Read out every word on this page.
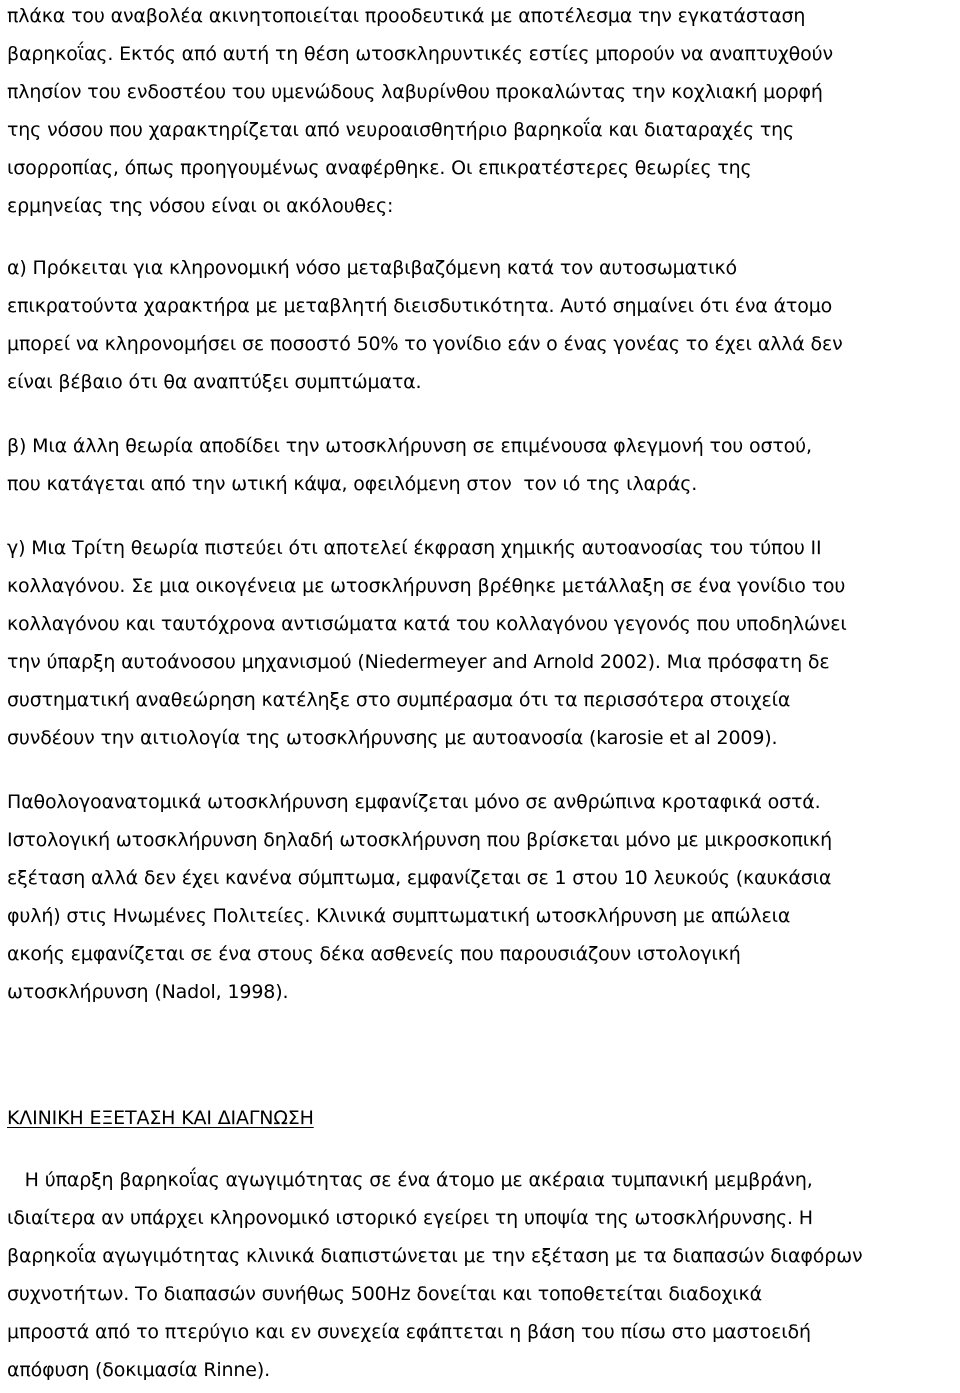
πλάκα του αναβολέα ακινητοποιείται προοδευτικά με αποτέλεσμα την εγκατάσταση
βαρηκοΐας. Εκτός από αυτή τη θέση ωτοσκληρυντικές εστίες μπορούν να αναπτυχθούν
πλησίον του ενδοστέου του υμενώδους λαβυρίνθου προκαλώντας την κοχλιακή μορφή
της νόσου που χαρακτηρίζεται από νευροαισθητήριο βαρηκοΐα και διαταραχές της
ισορροπίας, όπως προηγουμένως αναφέρθηκε. Οι επικρατέστερες θεωρίες της
ερμηνείας της νόσου είναι οι ακόλουθες:
α) Πρόκειται για κληρονομική νόσο μεταβιβαζόμενη κατά τον αυτοσωματικό
επικρατούντα χαρακτήρα με μεταβλητή διεισδυτικότητα. Αυτό σημαίνει ότι ένα άτομο
μπορεί να κληρονομήσει σε ποσοστό 50% το γονίδιο εάν ο ένας γονέας το έχει αλλά δεν
είναι βέβαιο ότι θα αναπτύξει συμπτώματα.
β) Μια άλλη θεωρία αποδίδει την ωτοσκλήρυνση σε επιμένουσα φλεγμονή του οστού,
που κατάγεται από την ωτική κάψα, οφειλόμενη στον  τον ιό της ιλαράς.
γ) Μια Τρίτη θεωρία πιστεύει ότι αποτελεί έκφραση χημικής αυτοανοσίας του τύπου ΙΙ
κολλαγόνου. Σε μια οικογένεια με ωτοσκλήρυνση βρέθηκε μετάλλαξη σε ένα γονίδιο του
κολλαγόνου και ταυτόχρονα αντισώματα κατά του κολλαγόνου γεγονός που υποδηλώνει
την ύπαρξη αυτοάνοσου μηχανισμού (Niedermeyer and Arnold 2002). Μια πρόσφατη δε
συστηματική αναθεώρηση κατέληξε στο συμπέρασμα ότι τα περισσότερα στοιχεία
συνδέουν την αιτιολογία της ωτοσκλήρυνσης με αυτοανοσία (karosie et al 2009).
Παθολογοανατομικά ωτοσκλήρυνση εμφανίζεται μόνο σε ανθρώπινα κροταφικά οστά.
Ιστολογική ωτοσκλήρυνση δηλαδή ωτοσκλήρυνση που βρίσκεται μόνο με μικροσκοπική
εξέταση αλλά δεν έχει κανένα σύμπτωμα, εμφανίζεται σε 1 στου 10 λευκούς (καυκάσια
φυλή) στις Ηνωμένες Πολιτείες. Κλινικά συμπτωματική ωτοσκλήρυνση με απώλεια
ακοής εμφανίζεται σε ένα στους δέκα ασθενείς που παρουσιάζουν ιστολογική
ωτοσκλήρυνση (Nadol, 1998).
ΚΛΙΝΙΚΗ ΕΞΕΤΑΣΗ ΚΑΙ ΔΙΑΓΝΩΣΗ
Η ύπαρξη βαρηκοΐας αγωγιμότητας σε ένα άτομο με ακέραια τυμπανική μεμβράνη,
ιδιαίτερα αν υπάρχει κληρονομικό ιστορικό εγείρει τη υποψία της ωτοσκλήρυνσης. Η
βαρηκοΐα αγωγιμότητας κλινικά διαπιστώνεται με την εξέταση με τα διαπασών διαφόρων
συχνοτήτων. Το διαπασών συνήθως 500Hz δονείται και τοποθετείται διαδοχικά
μπροστά από το πτερύγιο και εν συνεχεία εφάπτεται η βάση του πίσω στο μαστοειδή
απόφυση (δοκιμασία Rinne).
